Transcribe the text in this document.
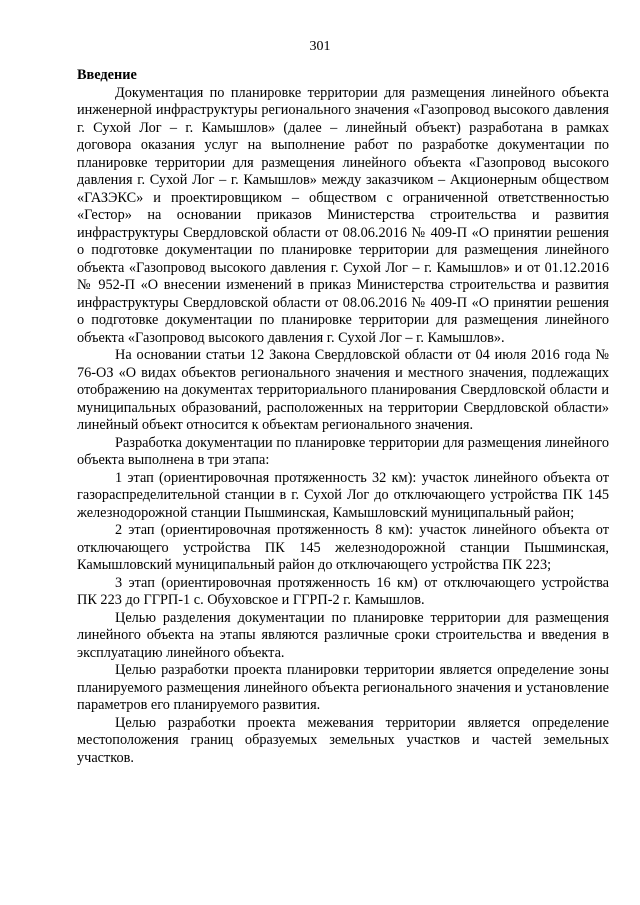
301

Введение

Документация по планировке территории для размещения линейного объекта инженерной инфраструктуры регионального значения «Газопровод высокого давления г. Сухой Лог – г. Камышлов» (далее – линейный объект) разработана в рамках договора оказания услуг на выполнение работ по разработке документации по планировке территории для размещения линейного объекта «Газопровод высокого давления г. Сухой Лог – г. Камышлов» между заказчиком – Акционерным обществом «ГАЗЭКС» и проектировщиком – обществом с ограниченной ответственностью «Гестор» на основании приказов Министерства строительства и развития инфраструктуры Свердловской области от 08.06.2016 № 409-П «О принятии решения о подготовке документации по планировке территории для размещения линейного объекта «Газопровод высокого давления г. Сухой Лог – г. Камышлов» и от 01.12.2016 № 952-П «О внесении изменений в приказ Министерства строительства и развития инфраструктуры Свердловской области от 08.06.2016 № 409-П «О принятии решения о подготовке документации по планировке территории для размещения линейного объекта «Газопровод высокого давления г. Сухой Лог – г. Камышлов».

На основании статьи 12 Закона Свердловской области от 04 июля 2016 года № 76-ОЗ «О видах объектов регионального значения и местного значения, подлежащих отображению на документах территориального планирования Свердловской области и муниципальных образований, расположенных на территории Свердловской области» линейный объект относится к объектам регионального значения.

Разработка документации по планировке территории для размещения линейного объекта выполнена в три этапа:

1 этап (ориентировочная протяженность 32 км): участок линейного объекта от газораспределительной станции в г. Сухой Лог до отключающего устройства ПК 145 железнодорожной станции Пышминская, Камышловский муниципальный район;

2 этап (ориентировочная протяженность 8 км): участок линейного объекта от отключающего устройства ПК 145 железнодорожной станции Пышминская, Камышловский муниципальный район до отключающего устройства ПК 223;

3 этап (ориентировочная протяженность 16 км) от отключающего устройства ПК 223 до ГГРП-1 с. Обуховское и ГГРП-2 г. Камышлов.

Целью разделения документации по планировке территории для размещения линейного объекта на этапы являются различные сроки строительства и введения в эксплуатацию линейного объекта.

Целью разработки проекта планировки территории является определение зоны планируемого размещения линейного объекта регионального значения и установление параметров его планируемого развития.

Целью разработки проекта межевания территории является определение местоположения границ образуемых земельных участков и частей земельных участков.
